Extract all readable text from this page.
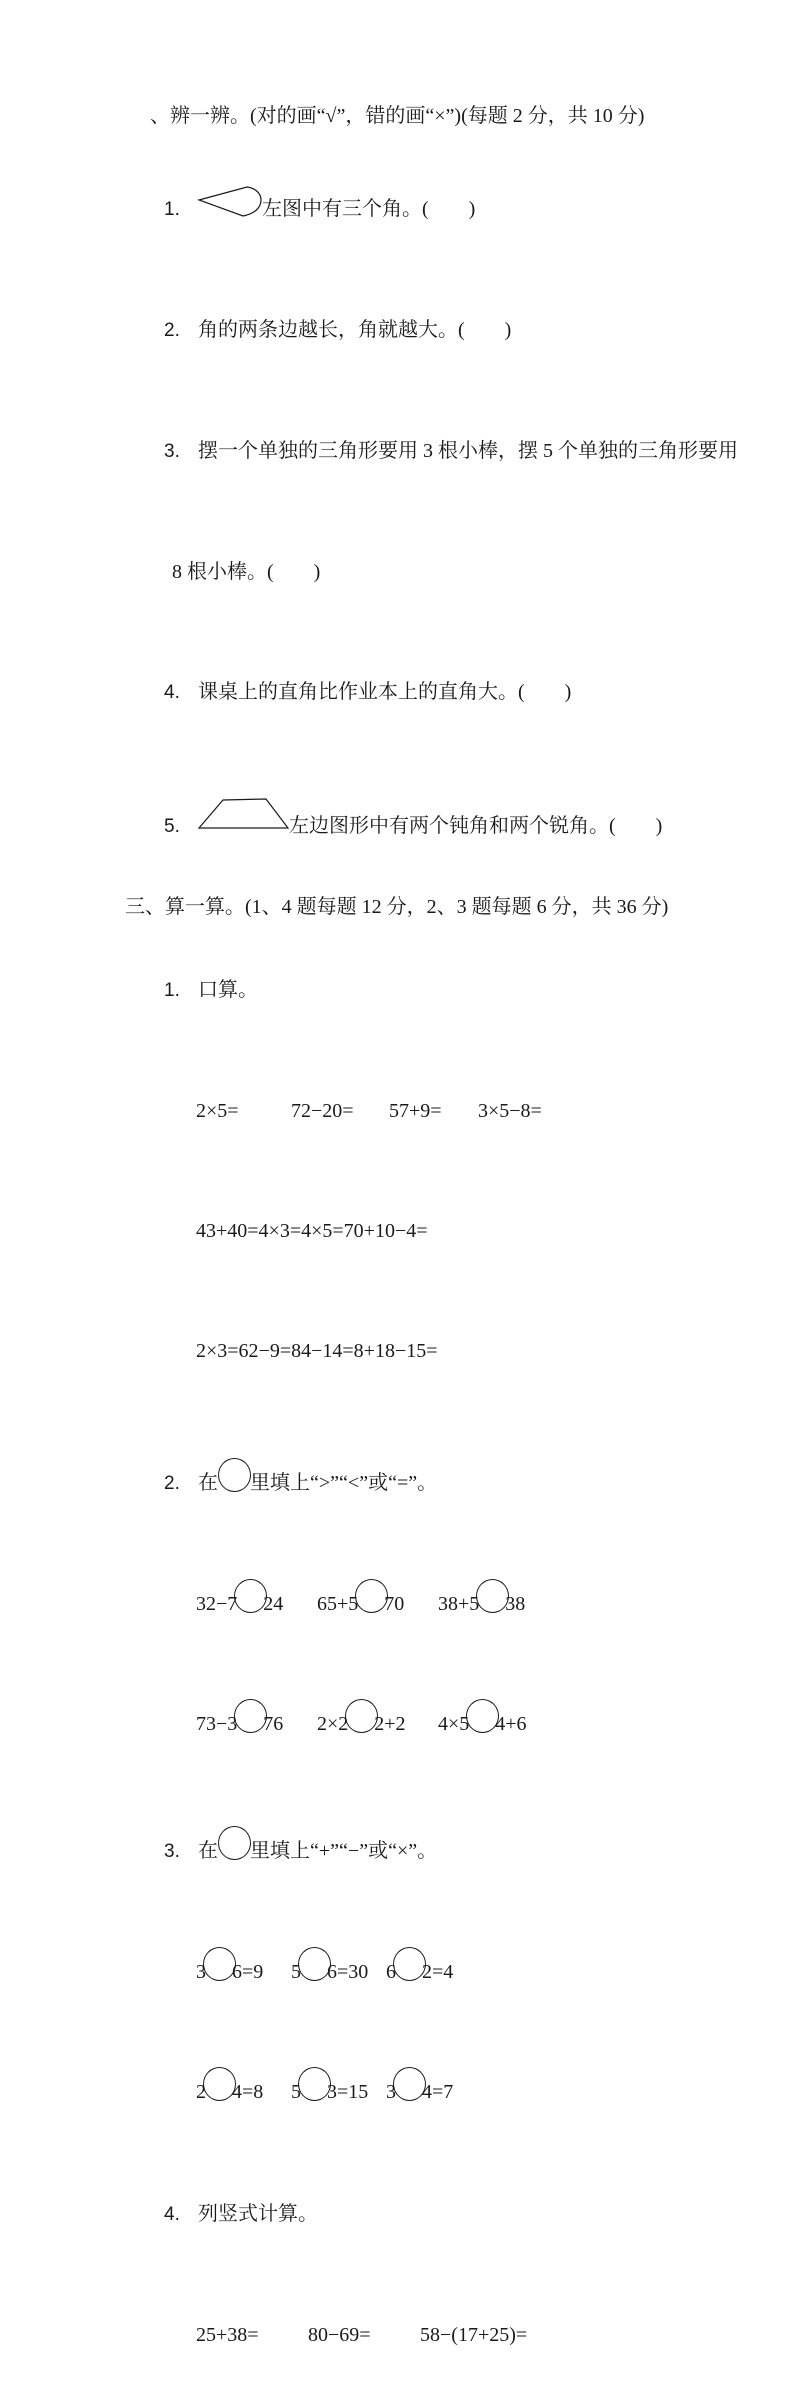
、辨一辨。(对的画“√”，错的画“×”)(每题 2 分，共 10 分)

1.	左图中有三个角。(        )

2. 角的两条边越长，角就越大。(        )

3. 摆一个单独的三角形要用 3 根小棒，摆 5 个单独的三角形要用

8 根小棒。(        )

4. 课桌上的直角比作业本上的直角大。(        )

5.	左边图形中有两个钝角和两个锐角。(        )

三、算一算。(1、4 题每题 12 分，2、3 题每题 6 分，共 36 分)

1. 口算。

2×5=	72−20= 57+9= 3×5−8=

43+40=4×3=4×5=70+10−4=

2×3=62−9=84−14=8+18−15=

2. 在 里填上“>”“<”或“=”。

32−7 24 65+5 70 38+5 38

73−3 76 2×2 2+2 4×5 4+6

3. 在 里填上“+”“−”或“×”。

3 6=9 5 6=30 6 2=4

2 4=8 5 3=15 3 4=7

4. 列竖式计算。

25+38= 80−69= 58−(17+25)=
